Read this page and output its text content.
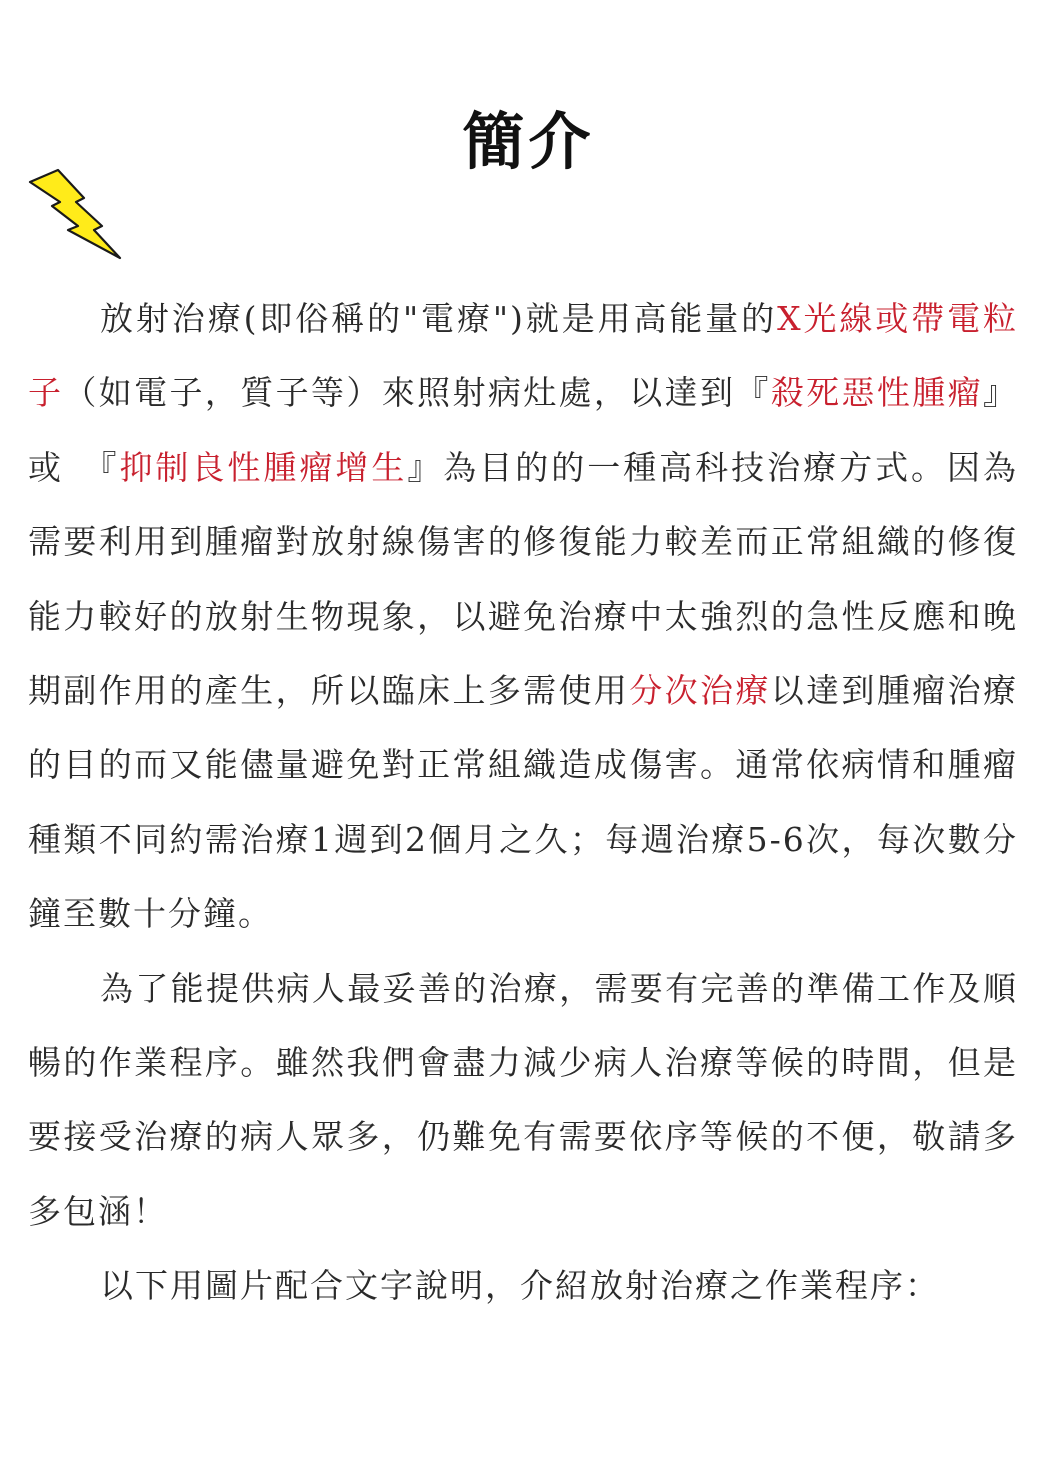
簡介

放射治療(即俗稱的"電療")就是用高能量的X光線或帶電粒子（如電子，質子等）來照射病灶處，以達到『殺死惡性腫瘤』或　『抑制良性腫瘤增生』為目的的一種高科技治療方式。因為需要利用到腫瘤對放射線傷害的修復能力較差而正常組織的修復能力較好的放射生物現象，以避免治療中太強烈的急性反應和晚期副作用的產生，所以臨床上多需使用分次治療以達到腫瘤治療的目的而又能儘量避免對正常組織造成傷害。通常依病情和腫瘤種類不同約需治療1週到2個月之久；每週治療5-6次，每次數分鐘至數十分鐘。

為了能提供病人最妥善的治療，需要有完善的準備工作及順暢的作業程序。雖然我們會盡力減少病人治療等候的時間，但是要接受治療的病人眾多，仍難免有需要依序等候的不便，敬請多多包涵！

以下用圖片配合文字說明，介紹放射治療之作業程序：
